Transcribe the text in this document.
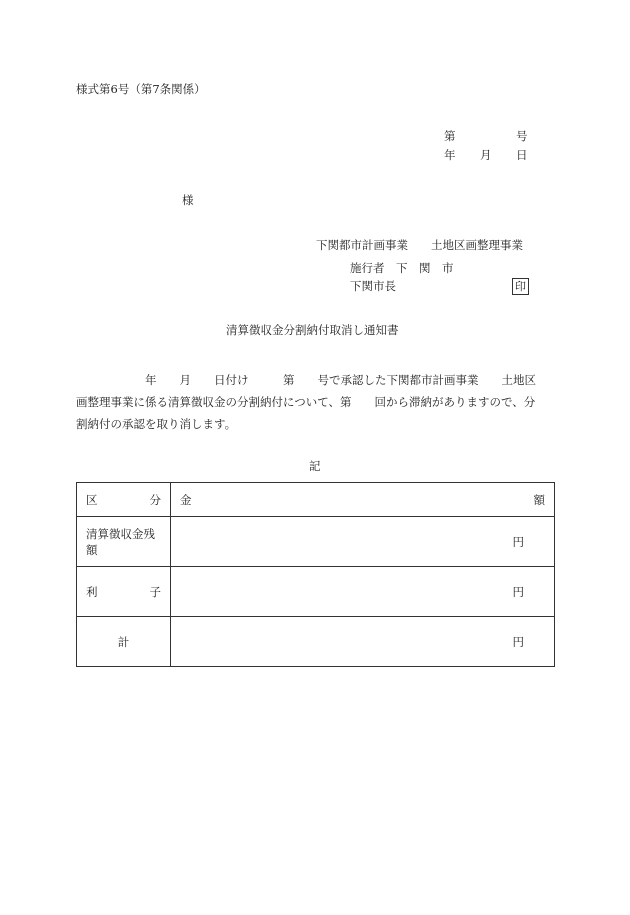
様式第6号（第7条関係）
第	号
年 月 日
様
下関都市計画事業　　土地区画整理事業
施行者　下　関　市
下関市長	印
清算徴収金分割納付取消し通知書
　　　　　　年　　月　　日付け　　　第　　号で承認した下関都市計画事業　　土地区
画整理事業に係る清算徴収金の分割納付について、第　　回から滞納がありますので、分
割納付の承認を取り消します。
記
区 分	金 額

清算徴収金残額	円

利 子	円
計	円
